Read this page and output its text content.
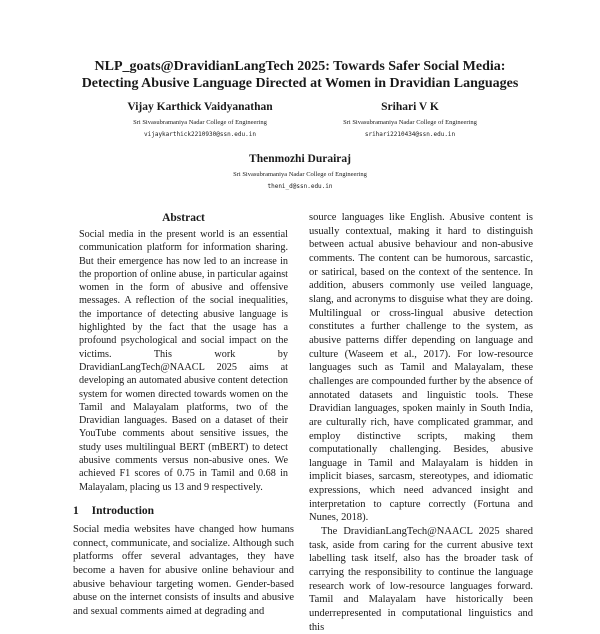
NLP_goats@DravidianLangTech 2025: Towards Safer Social Media:
Detecting Abusive Language Directed at Women in Dravidian Languages
Vijay Karthick Vaidyanathan
Sri Sivasubramaniya Nadar College of Engineering
vijaykarthick2210930@ssn.edu.in
Srihari V K
Sri Sivasubramaniya Nadar College of Engineering
srihari2210434@ssn.edu.in
Thenmozhi Durairaj
Sri Sivasubramaniya Nadar College of Engineering
theni_d@ssn.edu.in
Abstract

Social media in the present world is an essential communication platform for information sharing. But their emergence has now led to an increase in the proportion of online abuse, in particular against women in the form of abusive and offensive messages. A reflection of the social inequalities, the importance of detecting abusive language is highlighted by the fact that the usage has a profound psychological and social impact on the victims. This work by DravidianLangTech@NAACL 2025 aims at developing an automated abusive content detection system for women directed towards women on the Tamil and Malayalam platforms, two of the Dravidian languages. Based on a dataset of their YouTube comments about sensitive issues, the study uses multilingual BERT (mBERT) to detect abusive comments versus non-abusive ones. We achieved F1 scores of 0.75 in Tamil and 0.68 in Malayalam, placing us 13 and 9 respectively.

1 Introduction

Social media websites have changed how humans connect, communicate, and socialize. Although such platforms offer several advantages, they have become a haven for abusive online behaviour and abusive behaviour targeting women. Gender-based abuse on the internet consists of insults and abusive and sexual comments aimed at degrading and

source languages like English. Abusive content is usually contextual, making it hard to distinguish between actual abusive behaviour and non-abusive comments. The content can be humorous, sarcastic, or satirical, based on the context of the sentence. In addition, abusers commonly use veiled language, slang, and acronyms to disguise what they are doing. Multilingual or cross-lingual abusive detection constitutes a further challenge to the system, as abusive patterns differ depending on language and culture (Waseem et al., 2017). For low-resource languages such as Tamil and Malayalam, these challenges are compounded further by the absence of annotated datasets and linguistic tools. These Dravidian languages, spoken mainly in South India, are culturally rich, have complicated grammar, and employ distinctive scripts, making them computationally challenging. Besides, abusive language in Tamil and Malayalam is hidden in implicit biases, sarcasm, stereotypes, and idiomatic expressions, which need advanced insight and interpretation to capture correctly (Fortuna and Nunes, 2018).

The DravidianLangTech@NAACL 2025 shared task, aside from caring for the current abusive text labelling task itself, also has the broader task of carrying the responsibility to continue the language research work of low-resource languages forward. Tamil and Malayalam have historically been underrepresented in computational linguistics and this
